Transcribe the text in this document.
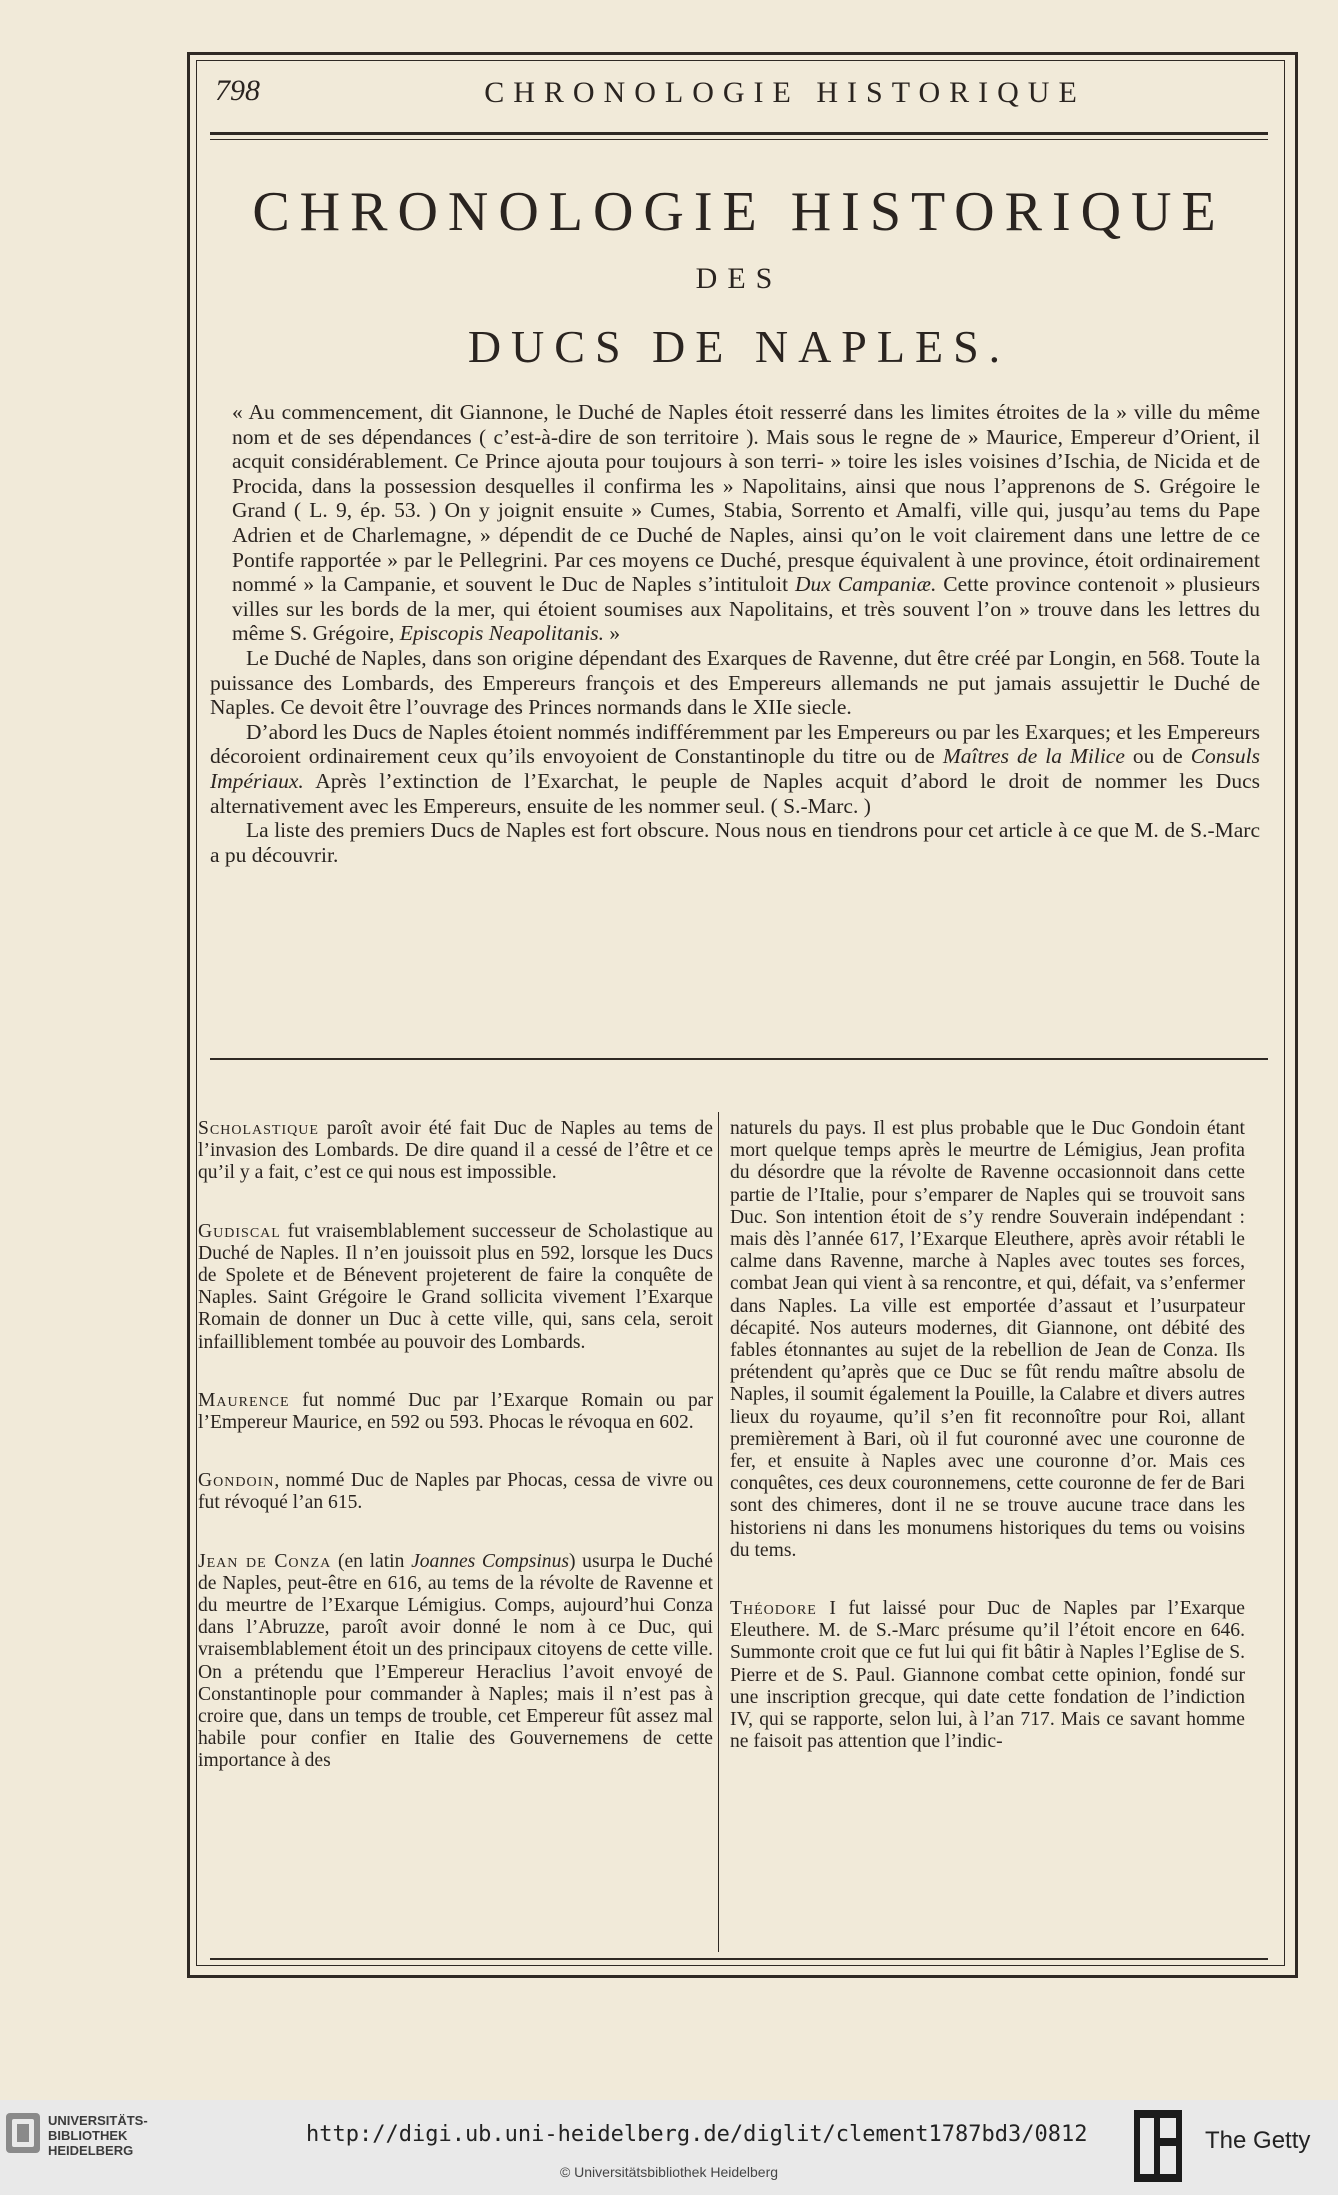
798	CHRONOLOGIE HISTORIQUE
CHRONOLOGIE HISTORIQUE
DES
DUCS DE NAPLES.

« Au commencement, dit Giannone, le Duché de Naples étoit resserré dans les limites étroites de la » ville du même nom et de ses dépendances ( c’est-à-dire de son territoire ). Mais sous le regne de » Maurice, Empereur d’Orient, il acquit considérablement. Ce Prince ajouta pour toujours à son terri- » toire les isles voisines d’Ischia, de Nicida et de Procida, dans la possession desquelles il confirma les » Napolitains, ainsi que nous l’apprenons de S. Grégoire le Grand ( L. 9, ép. 53. ) On y joignit ensuite » Cumes, Stabia, Sorrento et Amalfi, ville qui, jusqu’au tems du Pape Adrien et de Charlemagne, » dépendit de ce Duché de Naples, ainsi qu’on le voit clairement dans une lettre de ce Pontife rapportée » par le Pellegrini. Par ces moyens ce Duché, presque équivalent à une province, étoit ordinairement nommé » la Campanie, et souvent le Duc de Naples s’intituloit Dux Campaniæ. Cette province contenoit » plusieurs villes sur les bords de la mer, qui étoient soumises aux Napolitains, et très souvent l’on » trouve dans les lettres du même S. Grégoire, Episcopis Neapolitanis. »

Le Duché de Naples, dans son origine dépendant des Exarques de Ravenne, dut être créé par Longin, en 568. Toute la puissance des Lombards, des Empereurs françois et des Empereurs allemands ne put jamais assujettir le Duché de Naples. Ce devoit être l’ouvrage des Princes normands dans le XIIe siecle.

D’abord les Ducs de Naples étoient nommés indifféremment par les Empereurs ou par les Exarques; et les Empereurs décoroient ordinairement ceux qu’ils envoyoient de Constantinople du titre ou de Maîtres de la Milice ou de Consuls Impériaux. Après l’extinction de l’Exarchat, le peuple de Naples acquit d’abord le droit de nommer les Ducs alternativement avec les Empereurs, ensuite de les nommer seul. ( S.-Marc. )

La liste des premiers Ducs de Naples est fort obscure. Nous nous en tiendrons pour cet article à ce que M. de S.-Marc a pu découvrir.

Scholastique paroît avoir été fait Duc de Naples au tems de l’invasion des Lombards. De dire quand il a cessé de l’être et ce qu’il y a fait, c’est ce qui nous est impossible.

Gudiscal fut vraisemblablement successeur de Scholastique au Duché de Naples. Il n’en jouissoit plus en 592, lorsque les Ducs de Spolete et de Bénevent projeterent de faire la conquête de Naples. Saint Grégoire le Grand sollicita vivement l’Exarque Romain de donner un Duc à cette ville, qui, sans cela, seroit infailliblement tombée au pouvoir des Lombards.

Maurence fut nommé Duc par l’Exarque Romain ou par l’Empereur Maurice, en 592 ou 593. Phocas le révoqua en 602.

Gondoin, nommé Duc de Naples par Phocas, cessa de vivre ou fut révoqué l’an 615.

Jean de Conza (en latin Joannes Compsinus) usurpa le Duché de Naples, peut-être en 616, au tems de la révolte de Ravenne et du meurtre de l’Exarque Lémigius. Comps, aujourd’hui Conza dans l’Abruzze, paroît avoir donné le nom à ce Duc, qui vraisemblablement étoit un des principaux citoyens de cette ville. On a prétendu que l’Empereur Heraclius l’avoit envoyé de Constantinople pour commander à Naples; mais il n’est pas à croire que, dans un temps de trouble, cet Empereur fût assez mal habile pour confier en Italie des Gouvernemens de cette importance à des

naturels du pays. Il est plus probable que le Duc Gondoin étant mort quelque temps après le meurtre de Lémigius, Jean profita du désordre que la révolte de Ravenne occasionnoit dans cette partie de l’Italie, pour s’emparer de Naples qui se trouvoit sans Duc. Son intention étoit de s’y rendre Souverain indépendant : mais dès l’année 617, l’Exarque Eleuthere, après avoir rétabli le calme dans Ravenne, marche à Naples avec toutes ses forces, combat Jean qui vient à sa rencontre, et qui, défait, va s’enfermer dans Naples. La ville est emportée d’assaut et l’usurpateur décapité. Nos auteurs modernes, dit Giannone, ont débité des fables étonnantes au sujet de la rebellion de Jean de Conza. Ils prétendent qu’après que ce Duc se fût rendu maître absolu de Naples, il soumit également la Pouille, la Calabre et divers autres lieux du royaume, qu’il s’en fit reconnoître pour Roi, allant premièrement à Bari, où il fut couronné avec une couronne de fer, et ensuite à Naples avec une couronne d’or. Mais ces conquêtes, ces deux couronnemens, cette couronne de fer de Bari sont des chimeres, dont il ne se trouve aucune trace dans les historiens ni dans les monumens historiques du tems ou voisins du tems.

Théodore I fut laissé pour Duc de Naples par l’Exarque Eleuthere. M. de S.-Marc présume qu’il l’étoit encore en 646. Summonte croit que ce fut lui qui fit bâtir à Naples l’Eglise de S. Pierre et de S. Paul. Giannone combat cette opinion, fondé sur une inscription grecque, qui date cette fondation de l’indiction IV, qui se rapporte, selon lui, à l’an 717. Mais ce savant homme ne faisoit pas attention que l’indic-

UNIVERSITÄTS-
BIBLIOTHEK
HEIDELBERG
http://digi.ub.uni-heidelberg.de/diglit/clement1787bd3/0812
© Universitätsbibliothek Heidelberg
The Getty
